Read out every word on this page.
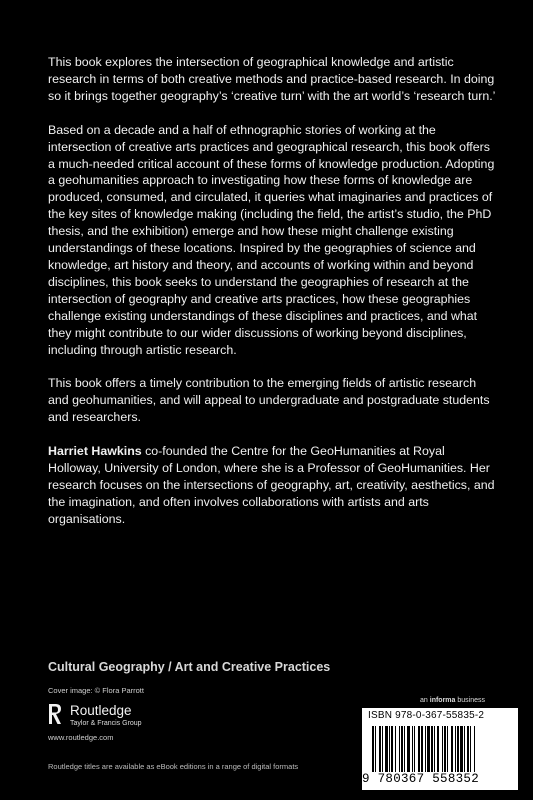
This book explores the intersection of geographical knowledge and artistic research in terms of both creative methods and practice-based research. In doing so it brings together geography’s ‘creative turn’ with the art world’s ‘research turn.’

Based on a decade and a half of ethnographic stories of working at the intersection of creative arts practices and geographical research, this book offers a much-needed critical account of these forms of knowledge production. Adopting a geohumanities approach to investigating how these forms of knowledge are produced, consumed, and circulated, it queries what imaginaries and practices of the key sites of knowledge making (including the field, the artist’s studio, the PhD thesis, and the exhibition) emerge and how these might challenge existing understandings of these locations. Inspired by the geographies of science and knowledge, art history and theory, and accounts of working within and beyond disciplines, this book seeks to understand the geographies of research at the intersection of geography and creative arts practices, how these geographies challenge existing understandings of these disciplines and practices, and what they might contribute to our wider discussions of working beyond disciplines, including through artistic research.

This book offers a timely contribution to the emerging fields of artistic research and geohumanities, and will appeal to undergraduate and postgraduate students and researchers.

Harriet Hawkins co-founded the Centre for the GeoHumanities at Royal Holloway, University of London, where she is a Professor of GeoHumanities. Her research focuses on the intersections of geography, art, creativity, aesthetics, and the imagination, and often involves collaborations with artists and arts organisations.

Cultural Geography / Art and Creative Practices
Cover image: © Flora Parrott
Routledge
Taylor & Francis Group
www.routledge.com
an informa business
ISBN 978-0-367-55835-2
9 780367 558352
Routledge titles are available as eBook editions in a range of digital formats
